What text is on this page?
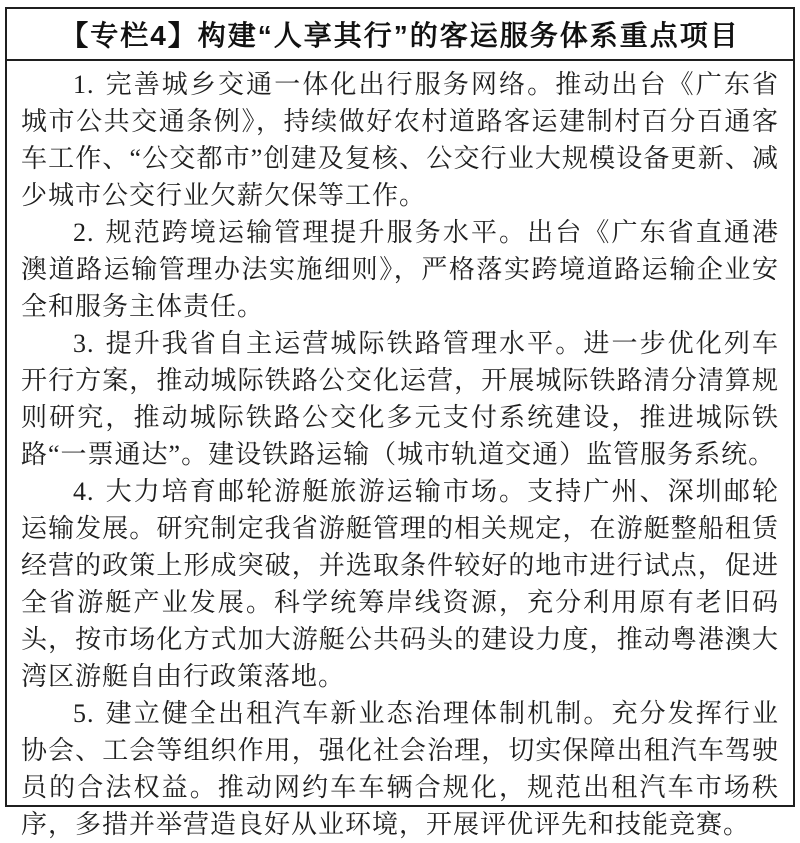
【专栏4】构建“人享其行”的客运服务体系重点项目

1. 完善城乡交通一体化出行服务网络。推动出台《广东省城市公共交通条例》，持续做好农村道路客运建制村百分百通客车工作、“公交都市”创建及复核、公交行业大规模设备更新、减少城市公交行业欠薪欠保等工作。

2. 规范跨境运输管理提升服务水平。出台《广东省直通港澳道路运输管理办法实施细则》，严格落实跨境道路运输企业安全和服务主体责任。

3. 提升我省自主运营城际铁路管理水平。进一步优化列车开行方案，推动城际铁路公交化运营，开展城际铁路清分清算规则研究，推动城际铁路公交化多元支付系统建设，推进城际铁路“一票通达”。建设铁路运输（城市轨道交通）监管服务系统。

4. 大力培育邮轮游艇旅游运输市场。支持广州、深圳邮轮运输发展。研究制定我省游艇管理的相关规定，在游艇整船租赁经营的政策上形成突破，并选取条件较好的地市进行试点，促进全省游艇产业发展。科学统筹岸线资源，充分利用原有老旧码头，按市场化方式加大游艇公共码头的建设力度，推动粤港澳大湾区游艇自由行政策落地。

5. 建立健全出租汽车新业态治理体制机制。充分发挥行业协会、工会等组织作用，强化社会治理，切实保障出租汽车驾驶员的合法权益。推动网约车车辆合规化，规范出租汽车市场秩序，多措并举营造良好从业环境，开展评优评先和技能竞赛。
